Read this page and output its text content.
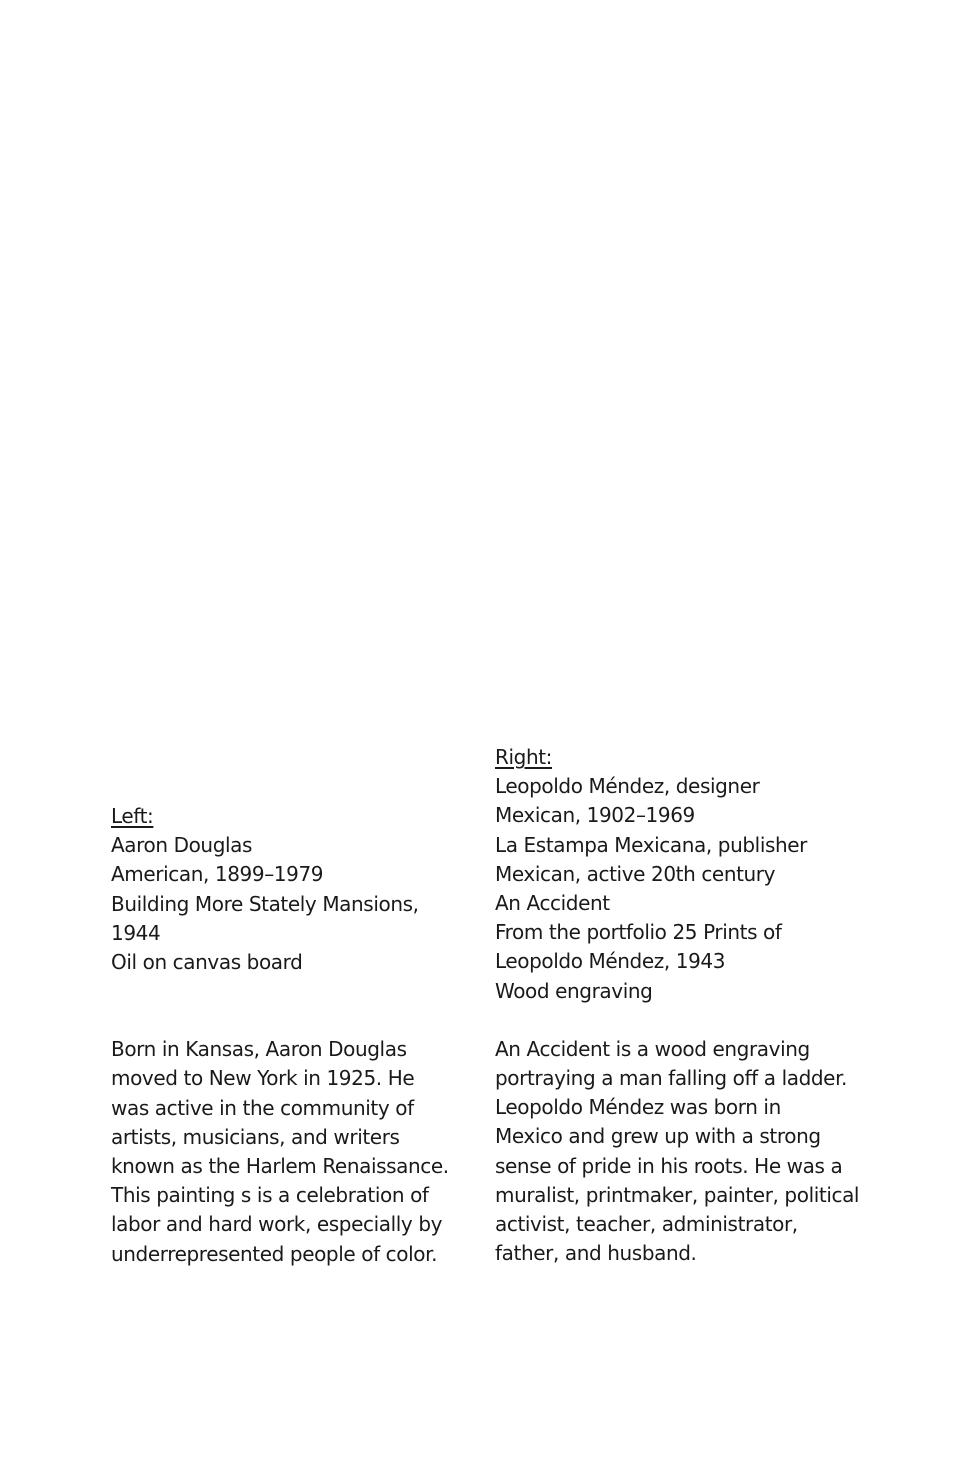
Left:
Aaron Douglas
American, 1899–1979
Building More Stately Mansions,
1944
Oil on canvas board
Born in Kansas, Aaron Douglas
moved to New York in 1925. He
was active in the community of
artists, musicians, and writers
known as the Harlem Renaissance.
This painting s is a celebration of
labor and hard work, especially by
underrepresented people of color.
Right:
Leopoldo Méndez, designer
Mexican, 1902–1969
La Estampa Mexicana, publisher
Mexican, active 20th century
An Accident
From the portfolio 25 Prints of
Leopoldo Méndez, 1943
Wood engraving
An Accident is a wood engraving
portraying a man falling off a ladder.
Leopoldo Méndez was born in
Mexico and grew up with a strong
sense of pride in his roots. He was a
muralist, printmaker, painter, political
activist, teacher, administrator,
father, and husband.
